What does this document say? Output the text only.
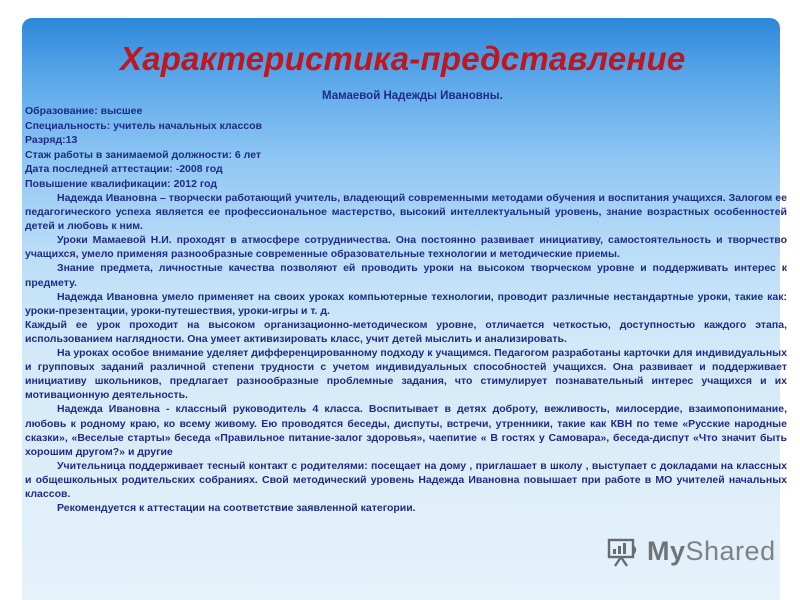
Характеристика-представление

Мамаевой Надежды Ивановны.

Образование: высшее
Специальность: учитель начальных классов
Разряд:13
Стаж работы в занимаемой должности: 6 лет
Дата последней аттестации: -2008 год
Повышение квалификации: 2012 год

Надежда Ивановна – творчески работающий учитель, владеющий современными методами обучения и воспитания учащихся. Залогом ее педагогического успеха является ее профессиональное мастерство, высокий интеллектуальный уровень, знание возрастных особенностей детей и любовь к ним.

Уроки Мамаевой Н.И. проходят в атмосфере сотрудничества. Она постоянно развивает инициативу, самостоятельность и творчество учащихся, умело применяя разнообразные современные образовательные технологии и методические приемы.

Знание предмета, личностные качества позволяют ей проводить уроки на высоком творческом уровне и поддерживать интерес к предмету.

Надежда Ивановна умело применяет на своих уроках компьютерные технологии, проводит различные нестандартные уроки, такие как: уроки-презентации, уроки-путешествия, уроки-игры и т. д.

Каждый ее урок проходит на высоком организационно-методическом уровне, отличается четкостью, доступностью каждого этапа, использованием наглядности. Она умеет активизировать класс, учит детей мыслить и анализировать.

На уроках особое внимание уделяет дифференцированному подходу к учащимся. Педагогом разработаны карточки для индивидуальных и групповых заданий различной степени трудности с учетом индивидуальных способностей учащихся. Она развивает и поддерживает инициативу школьников, предлагает разнообразные проблемные задания, что стимулирует познавательный интерес учащихся и их мотивационную деятельность.

Надежда Ивановна - классный руководитель 4 класса. Воспитывает в детях доброту, вежливость, милосердие, взаимопонимание, любовь к родному краю, ко всему живому. Ею проводятся беседы, диспуты, встречи, утренники, такие как КВН по теме «Русские народные сказки», «Веселые старты» беседа «Правильное питание-залог здоровья», чаепитие « В гостях у Самовара», беседа-диспут «Что значит быть хорошим другом?» и другие

Учительница поддерживает тесный контакт с родителями: посещает на дому , приглашает в школу , выступает с докладами на классных и общешкольных родительских собраниях. Свой методический уровень Надежда Ивановна повышает при работе в МО учителей начальных классов.

Рекомендуется к аттестации на соответствие заявленной категории.

MyShared
